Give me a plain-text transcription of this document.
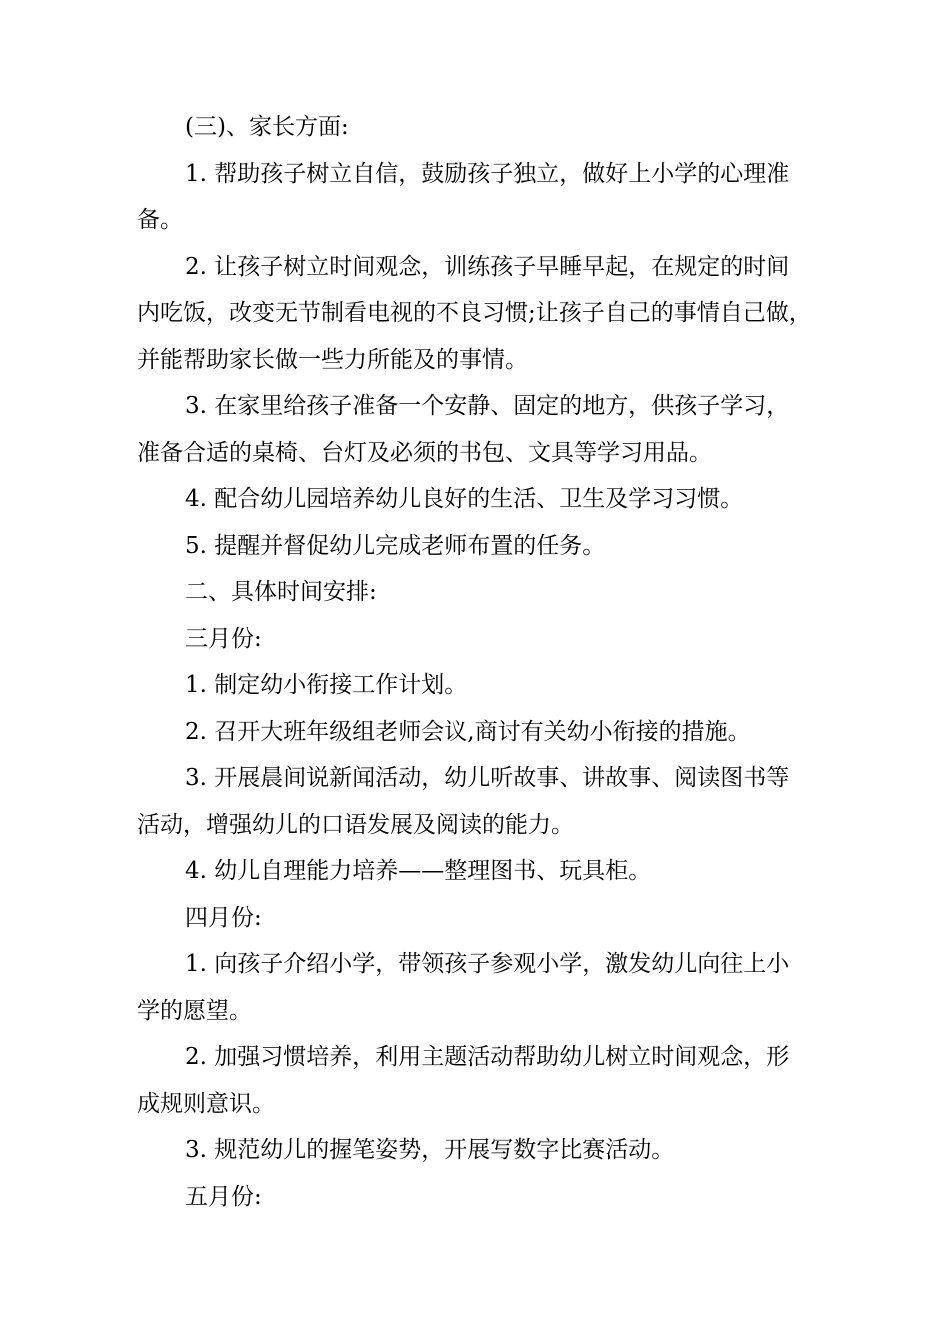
(三)、家长方面:
1. 帮助孩子树立自信，鼓励孩子独立，做好上小学的心理准
备。
2. 让孩子树立时间观念，训练孩子早睡早起，在规定的时间
内吃饭，改变无节制看电视的不良习惯;让孩子自己的事情自己做，
并能帮助家长做一些力所能及的事情。
3. 在家里给孩子准备一个安静、固定的地方，供孩子学习，
准备合适的桌椅、台灯及必须的书包、文具等学习用品。
4. 配合幼儿园培养幼儿良好的生活、卫生及学习习惯。
5. 提醒并督促幼儿完成老师布置的任务。
二、具体时间安排:
三月份:
1. 制定幼小衔接工作计划。
2. 召开大班年级组老师会议,商讨有关幼小衔接的措施。
3. 开展晨间说新闻活动，幼儿听故事、讲故事、阅读图书等
活动，增强幼儿的口语发展及阅读的能力。
4. 幼儿自理能力培养——整理图书、玩具柜。
四月份:
1. 向孩子介绍小学，带领孩子参观小学，激发幼儿向往上小
学的愿望。
2. 加强习惯培养，利用主题活动帮助幼儿树立时间观念，形
成规则意识。
3. 规范幼儿的握笔姿势，开展写数字比赛活动。
五月份:
